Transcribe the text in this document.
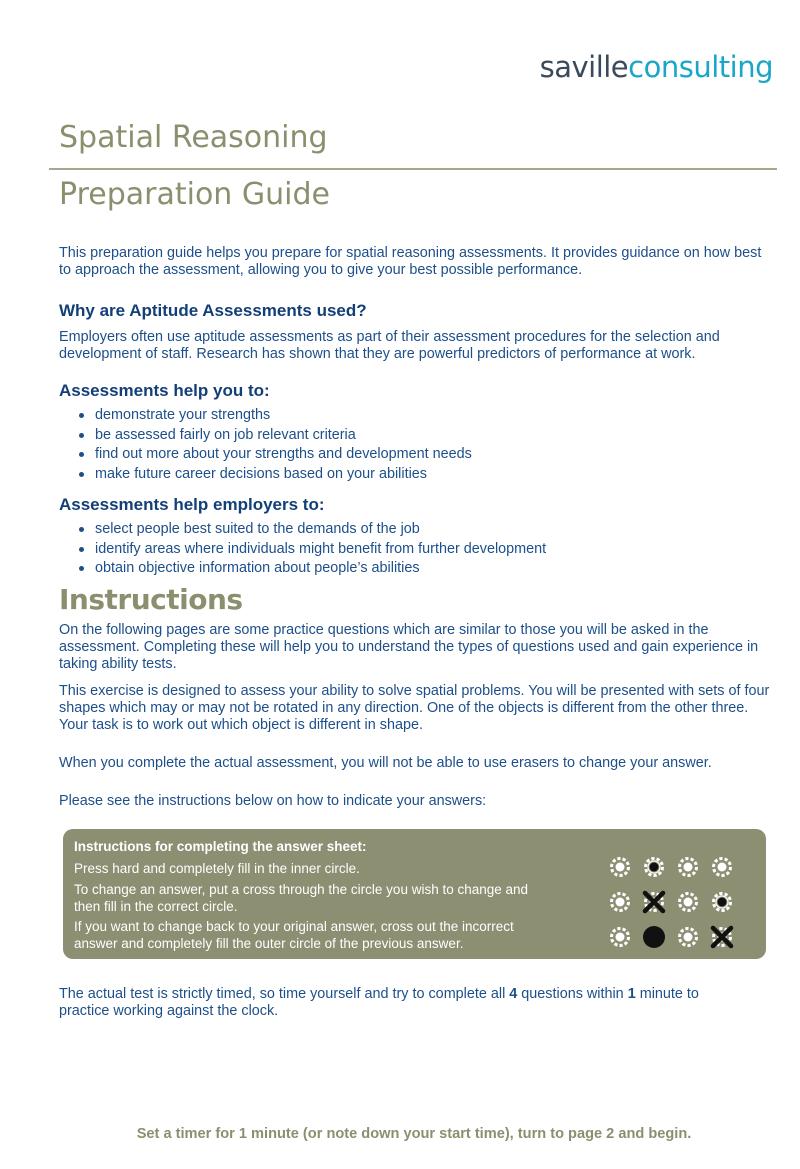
savilleconsulting
Spatial Reasoning
Preparation Guide

This preparation guide helps you prepare for spatial reasoning assessments. It provides guidance on how best to approach the assessment, allowing you to give your best possible performance.

Why are Aptitude Assessments used?

Employers often use aptitude assessments as part of their assessment procedures for the selection and development of staff. Research has shown that they are powerful predictors of performance at work.

Assessments help you to:
demonstrate your strengths
be assessed fairly on job relevant criteria
find out more about your strengths and development needs
make future career decisions based on your abilities
Assessments help employers to:
select people best suited to the demands of the job
identify areas where individuals might benefit from further development
obtain objective information about people’s abilities
Instructions

On the following pages are some practice questions which are similar to those you will be asked in the assessment. Completing these will help you to understand the types of questions used and gain experience in taking ability tests.

This exercise is designed to assess your ability to solve spatial problems. You will be presented with sets of four shapes which may or may not be rotated in any direction. One of the objects is different from the other three. Your task is to work out which object is different in shape.

When you complete the actual assessment, you will not be able to use erasers to change your answer.

Please see the instructions below on how to indicate your answers:

Instructions for completing the answer sheet:
Press hard and completely fill in the inner circle.
To change an answer, put a cross through the circle you wish to change and then fill in the correct circle.
If you want to change back to your original answer, cross out the incorrect answer and completely fill the outer circle of the previous answer.

The actual test is strictly timed, so time yourself and try to complete all 4 questions within 1 minute to practice working against the clock.

Set a timer for 1 minute (or note down your start time), turn to page 2 and begin.
